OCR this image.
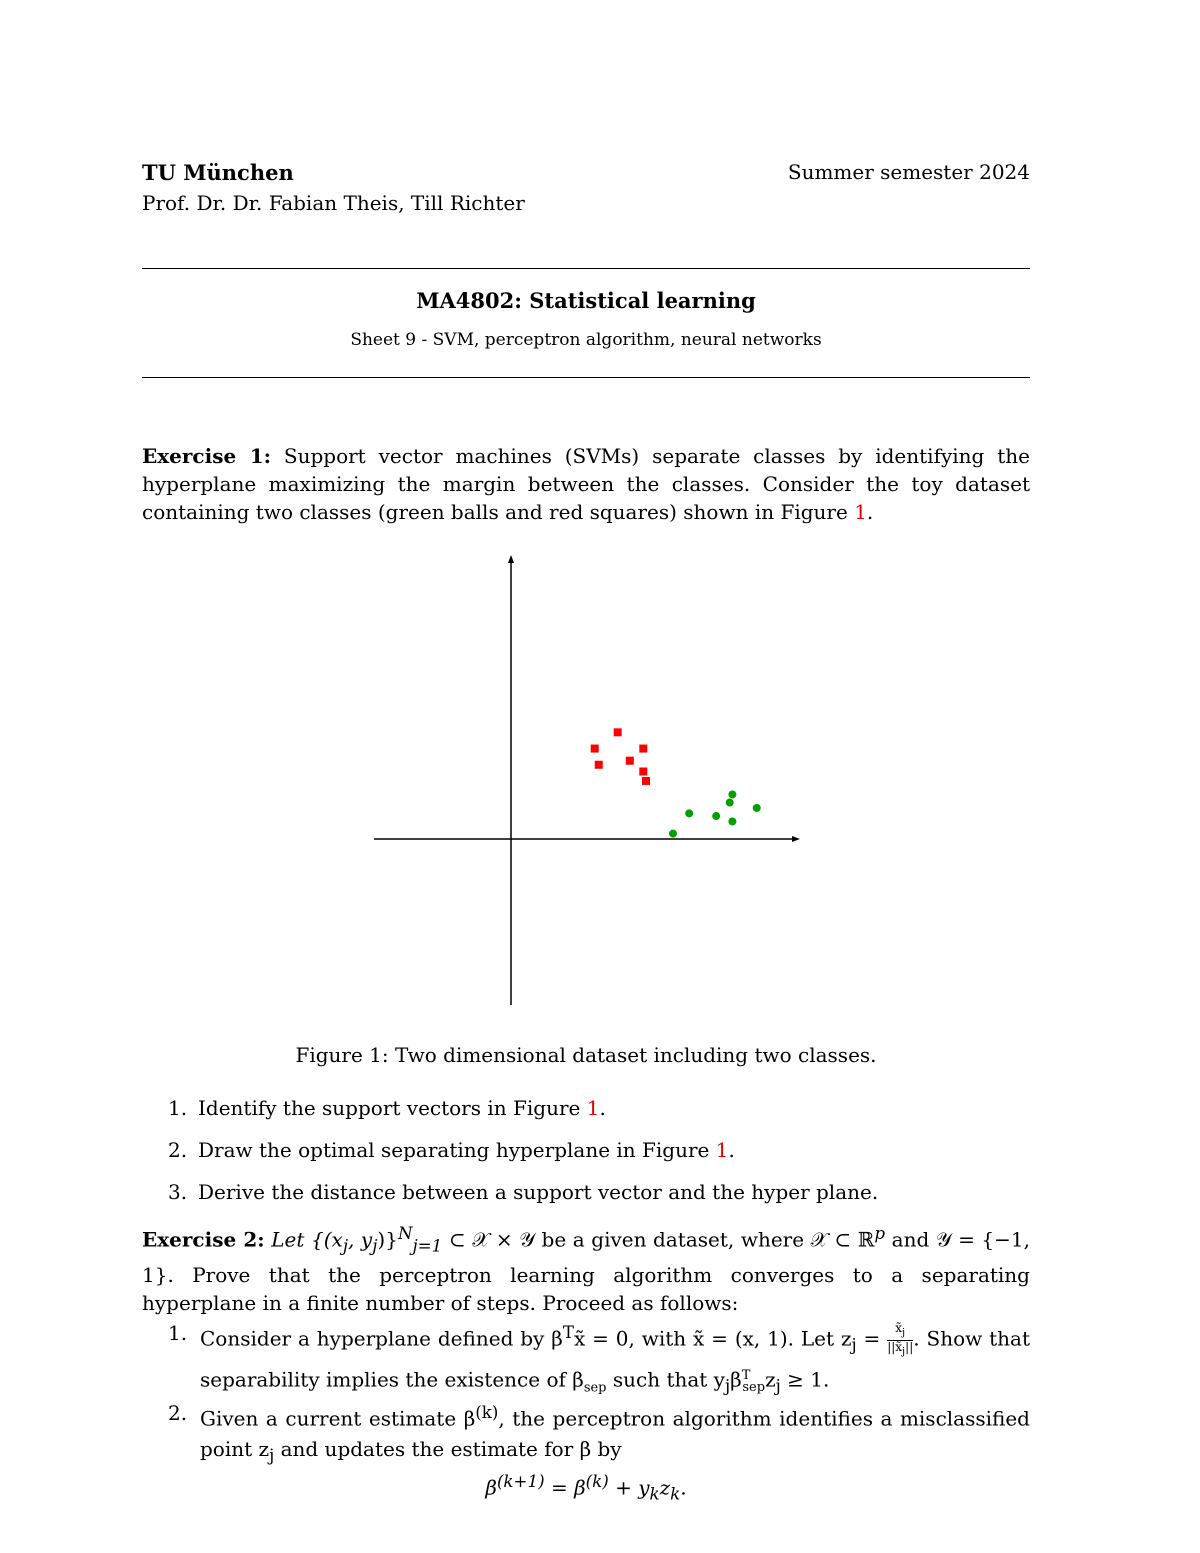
TU München
Prof. Dr. Dr. Fabian Theis, Till Richter
Summer semester 2024
MA4802: Statistical learning
Sheet 9 - SVM, perceptron algorithm, neural networks
Exercise 1: Support vector machines (SVMs) separate classes by identifying the hyperplane maximizing the margin between the classes. Consider the toy dataset containing two classes (green balls and red squares) shown in Figure 1.
Figure 1: Two dimensional dataset including two classes.
1. Identify the support vectors in Figure 1.
2. Draw the optimal separating hyperplane in Figure 1.
3. Derive the distance between a support vector and the hyper plane.
Exercise 2: Let {($x_j$, $y_j)\}^N_{j=1}$ ⊂ 𝒳 × 𝒴 be a given dataset, where 𝒳 ⊂ ℝ$^p$ and 𝒴 = {−1, 1}. Prove that the perceptron learning algorithm converges to a separating hyperplane in a finite number of steps. Proceed as follows:
1. Consider a hyperplane defined by $\beta^Tx̃ = 0$, with x̃ = (x, 1). Let $z_j = \frac{x̃_j}{||x̃_j||}$ . Show that separability implies the existence of $\beta_{sep}$ such that $y_j\beta^T_{sep}z_j \ge 1$.
2. Given a current estimate $\beta^{(k)}$, the perceptron algorithm identifies a misclassified point $z_j$ and updates the estimate for β by
$\beta^{(k+1)} = \beta^{(k)} + y_kz_k$.
